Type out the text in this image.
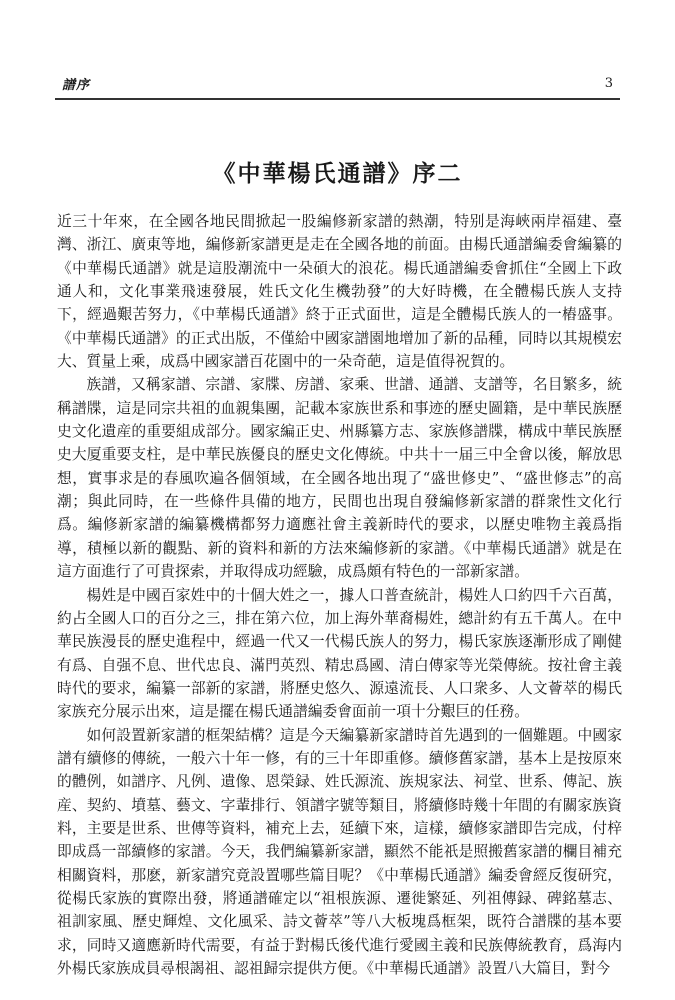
譜序	3
《中華楊氏通譜》序二

近三十年來，在全國各地民間掀起一股編修新家譜的熱潮，特别是海峽兩岸福建、臺灣、浙江、廣東等地，編修新家譜更是走在全國各地的前面。由楊氏通譜編委會編纂的《中華楊氏通譜》就是這股潮流中一朵碩大的浪花。楊氏通譜編委會抓住“全國上下政通人和，文化事業飛速發展，姓氏文化生機勃發”的大好時機，在全體楊氏族人支持下，經過艱苦努力，《中華楊氏通譜》終于正式面世，這是全體楊氏族人的一樁盛事。《中華楊氏通譜》的正式出版，不僅給中國家譜園地增加了新的品種，同時以其規模宏大、質量上乘，成爲中國家譜百花園中的一朵奇葩，這是值得祝賀的。

族譜，又稱家譜、宗譜、家牒、房譜、家乘、世譜、通譜、支譜等，名目繁多，統稱譜牒，這是同宗共祖的血親集團，記載本家族世系和事迹的歷史圖籍，是中華民族歷史文化遺産的重要組成部分。國家編正史、州縣纂方志、家族修譜牒，構成中華民族歷史大厦重要支柱，是中華民族優良的歷史文化傳統。中共十一届三中全會以後，解放思想，實事求是的春風吹遍各個領域，在全國各地出現了“盛世修史”、“盛世修志”的高潮；與此同時，在一些條件具備的地方，民間也出現自發編修新家譜的群衆性文化行爲。編修新家譜的編纂機構都努力適應社會主義新時代的要求，以歷史唯物主義爲指導，積極以新的觀點、新的資料和新的方法來編修新的家譜。《中華楊氏通譜》就是在這方面進行了可貴探索，并取得成功經驗，成爲頗有特色的一部新家譜。

楊姓是中國百家姓中的十個大姓之一，據人口普查統計，楊姓人口約四千六百萬，約占全國人口的百分之三，排在第六位，加上海外華裔楊姓，總計約有五千萬人。在中華民族漫長的歷史進程中，經過一代又一代楊氏族人的努力，楊氏家族逐漸形成了剛健有爲、自强不息、世代忠良、滿門英烈、精忠爲國、清白傳家等光榮傳統。按社會主義時代的要求，編纂一部新的家譜，將歷史悠久、源遠流長、人口衆多、人文薈萃的楊氏家族充分展示出來，這是擺在楊氏通譜編委會面前一項十分艱巨的任務。

如何設置新家譜的框架結構？這是今天編纂新家譜時首先遇到的一個難題。中國家譜有續修的傳統，一般六十年一修，有的三十年即重修。續修舊家譜，基本上是按原來的體例，如譜序、凡例、遺像、恩榮録、姓氏源流、族規家法、祠堂、世系、傳記、族産、契約、墳墓、藝文、字輩排行、領譜字號等類目，將續修時幾十年間的有關家族資料，主要是世系、世傳等資料，補充上去，延續下來，這樣，續修家譜即告完成，付梓即成爲一部續修的家譜。今天，我們編纂新家譜，顯然不能祇是照搬舊家譜的欄目補充相關資料，那麽，新家譜究竟設置哪些篇目呢？《中華楊氏通譜》編委會經反復研究，從楊氏家族的實際出發，將通譜確定以“祖根族源、遷徙繁延、列祖傳録、碑銘墓志、祖訓家風、歷史輝煌、文化風采、詩文薈萃”等八大板塊爲框架，既符合譜牒的基本要求，同時又適應新時代需要，有益于對楊氏後代進行愛國主義和民族傳統教育，爲海内外楊氏家族成員尋根謁祖、認祖歸宗提供方便。《中華楊氏通譜》設置八大篇目，對今
